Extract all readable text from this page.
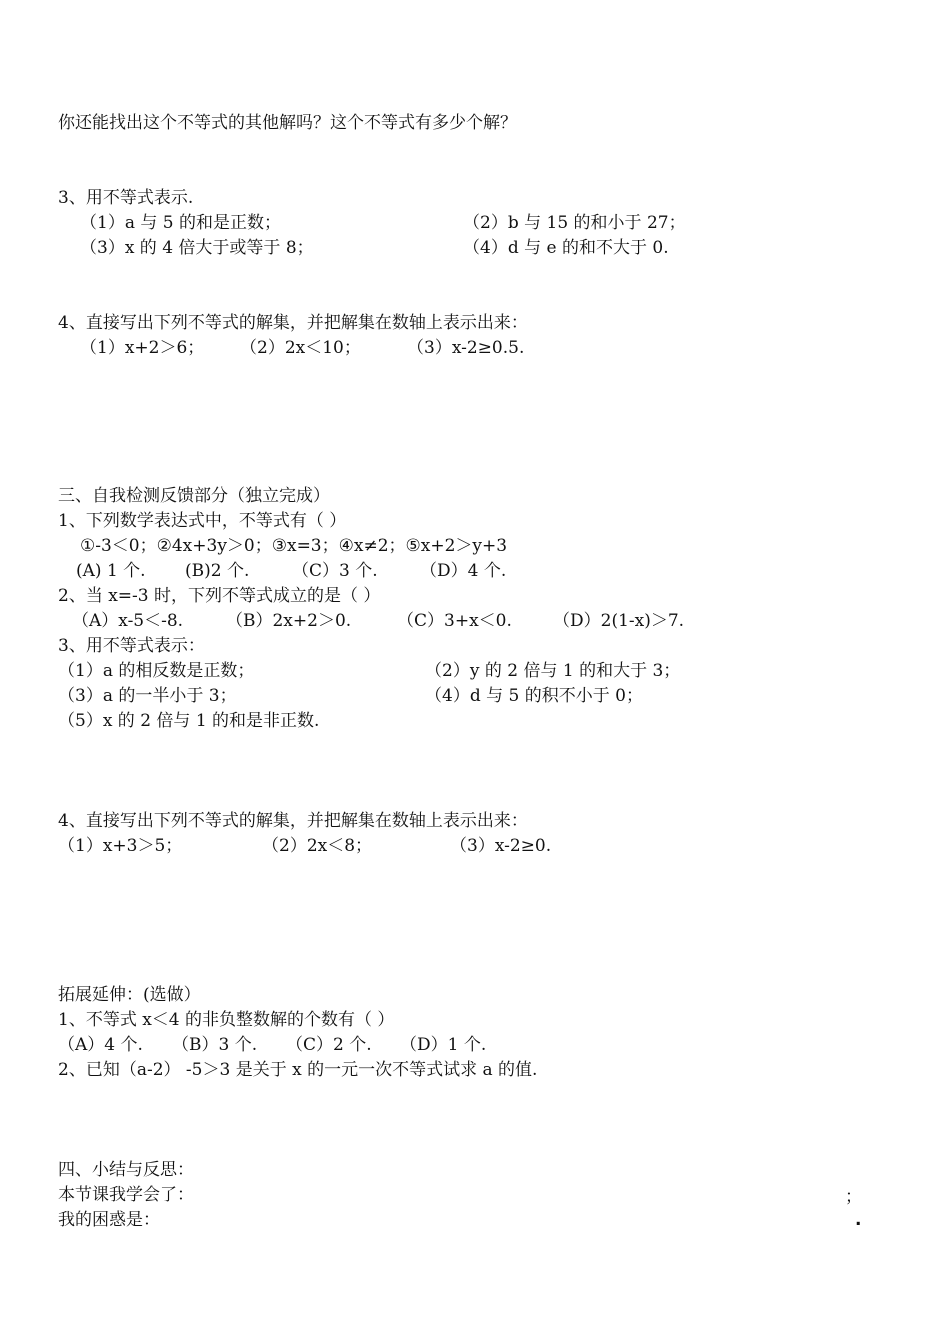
你还能找出这个不等式的其他解吗？这个不等式有多少个解？
3、用不等式表示.
（1）a 与 5 的和是正数；	（2）b 与 15 的和小于 27；
（3）x 的 4 倍大于或等于 8；	（4）d 与 e 的和不大于 0.
4、直接写出下列不等式的解集，并把解集在数轴上表示出来：
（1）x+2＞6； （2）2x＜10；	（3）x-2≥0.5.
三、自我检测反馈部分（独立完成）
1、下列数学表达式中，不等式有（ ）
①-3＜0；②4x+3y＞0；③x=3；④x≠2；⑤x+2＞y+3
(A) 1 个. (B)2 个.	（C）3 个. （D）4 个.
2、当 x=-3 时，下列不等式成立的是（ ）
（A）x-5＜-8.	（B）2x+2＞0.	（C）3+x＜0. （D）2(1-x)＞7.
3、用不等式表示：
（1）a 的相反数是正数；	（2）y 的 2 倍与 1 的和大于 3；
（3）a 的一半小于 3；	（4）d 与 5 的积不小于 0；
（5）x 的 2 倍与 1 的和是非正数.
4、直接写出下列不等式的解集，并把解集在数轴上表示出来：
（1）x+3＞5；	（2）2x＜8；	（3）x-2≥0.
拓展延伸：(选做）
1、不等式 x＜4 的非负整数解的个数有（ ）
（A）4 个. （B）3 个. （C）2 个. （D）1 个.
2、已知（a-2） -5＞3 是关于 x 的一元一次不等式试求 a 的值.
四、小结与反思：
本节课我学会了：	；
我的困惑是：	.
